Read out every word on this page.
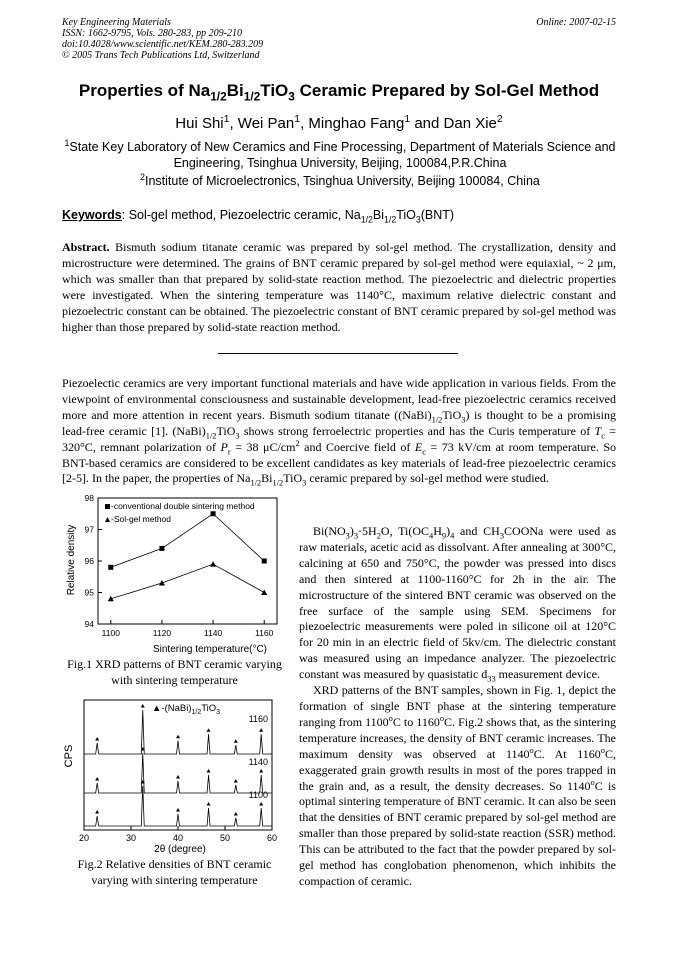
Key Engineering Materials
ISSN: 1662-9795, Vols. 280-283, pp 209-210
doi:10.4028/www.scientific.net/KEM.280-283.209
© 2005 Trans Tech Publications Ltd, Switzerland
Online: 2007-02-15
Properties of $Na_{1/2}Bi_{1/2}TiO_3$ Ceramic Prepared by Sol-Gel Method
Hui Shi$^1$, Wei Pan$^1$, Minghao Fang$^1$ and Dan Xie$^2$
$^1$State Key Laboratory of New Ceramics and Fine Processing, Department of Materials Science and Engineering, Tsinghua University, Beijing, 100084,P.R.China
$^2$Institute of Microelectronics, Tsinghua University, Beijing 100084, China
Keywords: Sol-gel method, Piezoelectric ceramic, $Na_{1/2}Bi_{1/2}TiO_3(BNT)$
Abstract. Bismuth sodium titanate ceramic was prepared by sol-gel method. The crystallization, density and microstructure were determined. The grains of BNT ceramic prepared by sol-gel method were equiaxial, ~ 2 μm, which was smaller than that prepared by solid-state reaction method. The piezoelectric and dielectric properties were investigated. When the sintering temperature was 1140°C, maximum relative dielectric constant and piezoelectric constant can be obtained. The piezoelectric constant of BNT ceramic prepared by sol-gel method was higher than those prepared by solid-state reaction method.
Piezoelectic ceramics are very important functional materials and have wide application in various fields. From the viewpoint of environmental consciousness and sustainable development, lead-free piezoelectric ceramics received more and more attention in recent years. Bismuth sodium titanate $((NaBi)_{1/2}TiO_3)$ is thought to be a promising lead-free ceramic [1]. $(NaBi)_{1/2}TiO_3$ shows strong ferroelectric properties and has the Curis temperature of $T_c = 320^\circ C$, remnant polarization of $P_r = 38$ $\mu C/cm^2$ and Coercive field of $E_c = 73$ kV/cm at room temperature. So BNT-based ceramics are considered to be excellent candidates as key materials of lead-free piezoelectric ceramics [2-5]. In the paper, the properties of $Na_{1/2}Bi_{1/2}TiO_3$ ceramic prepared by sol-gel method were studied.
$Bi(NO_3)_3\cdot 5H_2O$, $Ti(OC_4H_9)_4$ and $CH_3COONa$ were used as raw materials, acetic acid as dissolvant. After annealing at 300°C, calcining at 650 and 750°C, the powder was pressed into discs and then sintered at 1100-1160°C for 2h in the air. The microstructure of the sintered BNT ceramic was observed on the free surface of the sample using SEM. Specimens for piezoelectric measurements were poled in silicone oil at 120°C for 20 min in an electric field of 5kv/cm. The dielectric constant was measured using an impedance analyzer. The piezoelectric constant was measured by quasistatic $d_{33}$ measurement device.
XRD patterns of the BNT samples, shown in Fig. 1, depict the formation of single BNT phase at the sintering temperature ranging from 1100$^o$C to 1160$^o$C. Fig.2 shows that, as the sintering temperature increases, the density of BNT ceramic increases. The maximum density was observed at 1140$^o$C. At 1160$^o$C, exaggerated grain growth results in most of the pores trapped in the grain and, as a result, the density decreases. So 1140$^o$C is optimal sintering temperature of BNT ceramic. It can also be seen that the densities of BNT ceramic prepared by sol-gel method are smaller than those prepared by solid-state reaction (SSR) method. This can be attributed to the fact that the powder prepared by sol-gel method has conglobation phenomenon, which inhibits the compaction of ceramic.
Relative density
Sintering temperature(°C)
94
95
96
97
98
1100	1120	1140	1160
-conventional double sintering method
-Sol-gel method
Fig.1 XRD patterns of BNT ceramic varying with sintering temperature
CPS
2θ (degree)
$▲-(NaBi)_{1/2}TiO_3$
20	30	40	50	60
1160
1140
1100
Fig.2 Relative densities of BNT ceramic varying with sintering temperature
